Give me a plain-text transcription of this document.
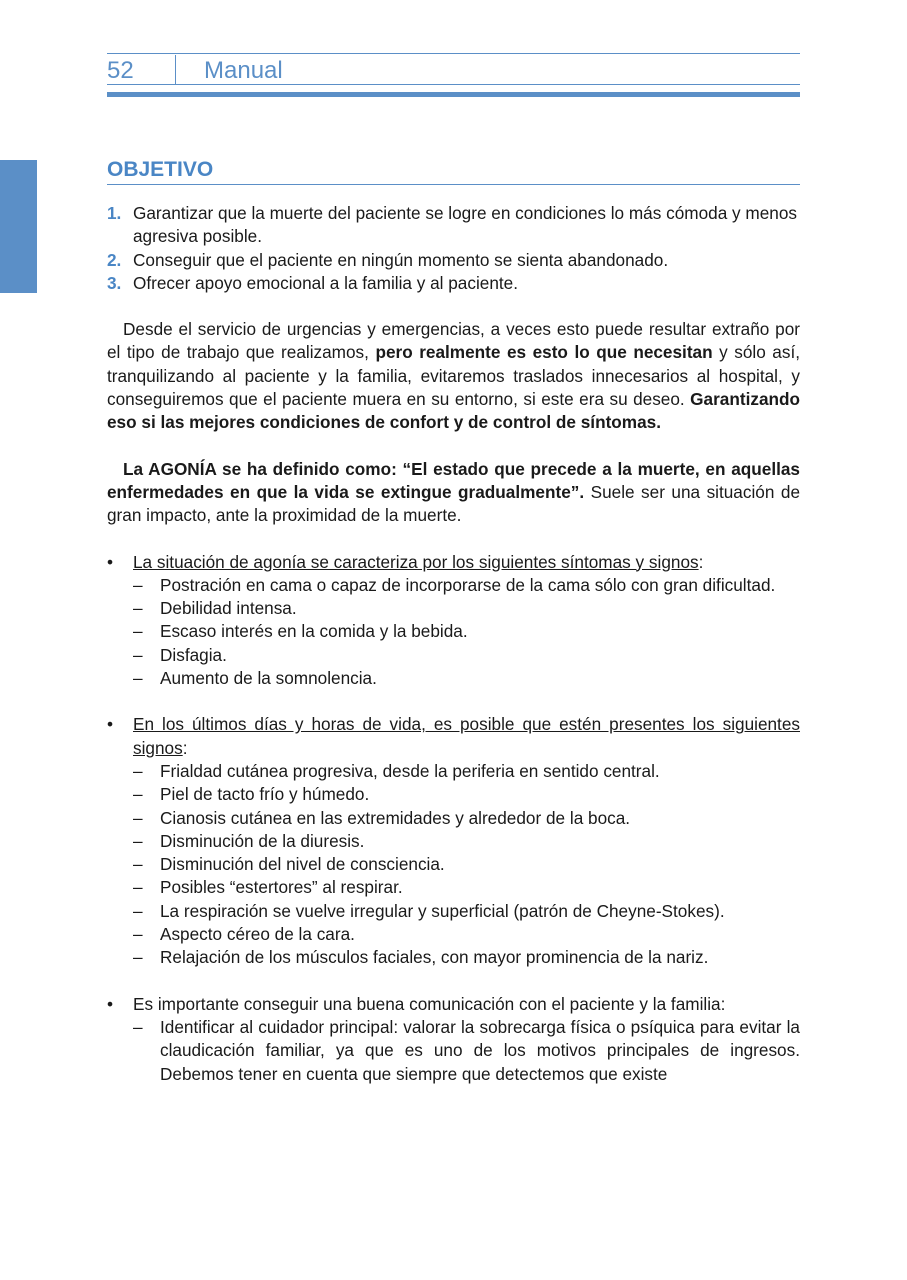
52	Manual
OBJETIVO
1. Garantizar que la muerte del paciente se logre en condiciones lo más cómoda y menos agresiva posible.
2. Conseguir que el paciente en ningún momento se sienta abandonado.
3. Ofrecer apoyo emocional a la familia y al paciente.

Desde el servicio de urgencias y emergencias, a veces esto puede resultar extraño por el tipo de trabajo que realizamos, pero realmente es esto lo que necesitan y sólo así, tranquilizando al paciente y la familia, evitaremos traslados innecesarios al hospital, y conseguiremos que el paciente muera en su entorno, si este era su deseo. Garantizando eso si las mejores condiciones de confort y de control de síntomas.

La AGONÍA se ha definido como: “El estado que precede a la muerte, en aquellas enfermedades en que la vida se extingue gradualmente”. Suele ser una situación de gran impacto, ante la proximidad de la muerte.

• La situación de agonía se caracteriza por los siguientes síntomas y signos:
– Postración en cama o capaz de incorporarse de la cama sólo con gran dificultad.
– Debilidad intensa.
– Escaso interés en la comida y la bebida.
– Disfagia.
– Aumento de la somnolencia.
• En los últimos días y horas de vida, es posible que estén presentes los siguientes signos:
– Frialdad cutánea progresiva, desde la periferia en sentido central.
– Piel de tacto frío y húmedo.
– Cianosis cutánea en las extremidades y alrededor de la boca.
– Disminución de la diuresis.
– Disminución del nivel de consciencia.
– Posibles “estertores” al respirar.
– La respiración se vuelve irregular y superficial (patrón de Cheyne-Stokes).
– Aspecto céreo de la cara.
– Relajación de los músculos faciales, con mayor prominencia de la nariz.
• Es importante conseguir una buena comunicación con el paciente y la familia:
– Identificar al cuidador principal: valorar la sobrecarga física o psíquica para evitar la claudicación familiar, ya que es uno de los motivos principales de ingresos. Debemos tener en cuenta que siempre que detectemos que existe
